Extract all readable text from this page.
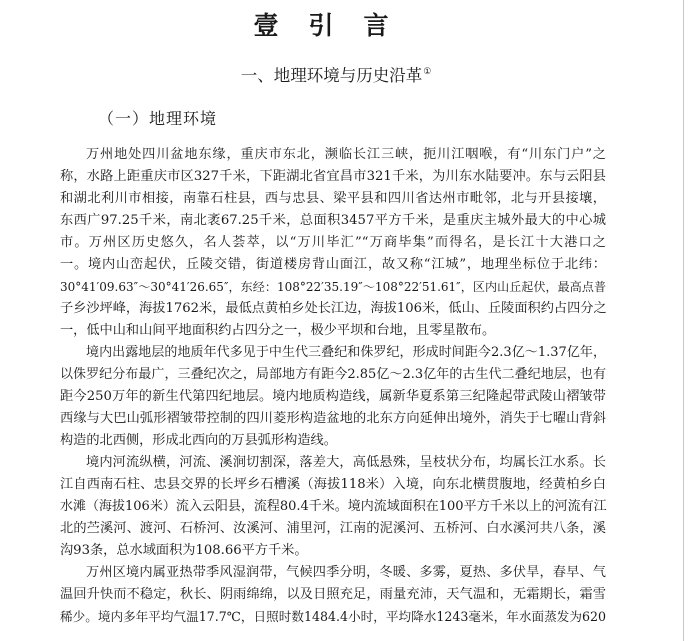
壹引言
一、地理环境与历史沿革①
（一）地理环境
万州地处四川盆地东缘，重庆市东北，濒临长江三峡，扼川江咽喉，有“川东门户”之
称，水路上距重庆市区327千米，下距湖北省宜昌市321千米，为川东水陆要冲。东与云阳县
和湖北利川市相接，南靠石柱县，西与忠县、梁平县和四川省达州市毗邻，北与开县接壤，
东西广97.25千米，南北袤67.25千米，总面积3457平方千米，是重庆主城外最大的中心城
市。万州区历史悠久，名人荟萃，以“万川毕汇”“万商毕集”而得名，是长江十大港口之
一。境内山峦起伏，丘陵交错，街道楼房背山面江，故又称“江城”，地理坐标位于北纬：
30°41′09.63″～30°41′26.65″，东经：108°22′35.19″～108°22′51.61″，区内山丘起伏，最高点普
子乡沙坪峰，海拔1762米，最低点黄柏乡处长江边，海拔106米，低山、丘陵面积约占四分之
一，低中山和山间平地面积约占四分之一，极少平坝和台地，且零星散布。
境内出露地层的地质年代多见于中生代三叠纪和侏罗纪，形成时间距今2.3亿～1.37亿年，
以侏罗纪分布最广，三叠纪次之，局部地方有距今2.85亿～2.3亿年的古生代二叠纪地层，也有
距今250万年的新生代第四纪地层。境内地质构造线，属新华夏系第三纪隆起带武陵山褶皱带
西缘与大巴山弧形褶皱带控制的四川菱形构造盆地的北东方向延伸出境外，消失于七曜山背斜
构造的北西侧，形成北西向的万县弧形构造线。
境内河流纵横，河流、溪涧切割深，落差大，高低悬殊，呈枝状分布，均属长江水系。长
江自西南石柱、忠县交界的长坪乡石槽溪（海拔118米）入境，向东北横贯腹地，经黄柏乡白
水滩（海拔106米）流入云阳县，流程80.4千米。境内流域面积在100平方千米以上的河流有江
北的苎溪河、渡河、石桥河、汝溪河、浦里河，江南的泥溪河、五桥河、白水溪河共八条，溪
沟93条，总水域面积为108.66平方千米。
万州区境内属亚热带季风湿润带，气候四季分明，冬暖、多雾，夏热、多伏旱，春早、气
温回升快而不稳定，秋长、阴雨绵绵，以及日照充足，雨量充沛，天气温和，无霜期长，霜雪
稀少。境内多年平均气温17.7℃，日照时数1484.4小时，平均降水1243毫米，年水面蒸发为620
